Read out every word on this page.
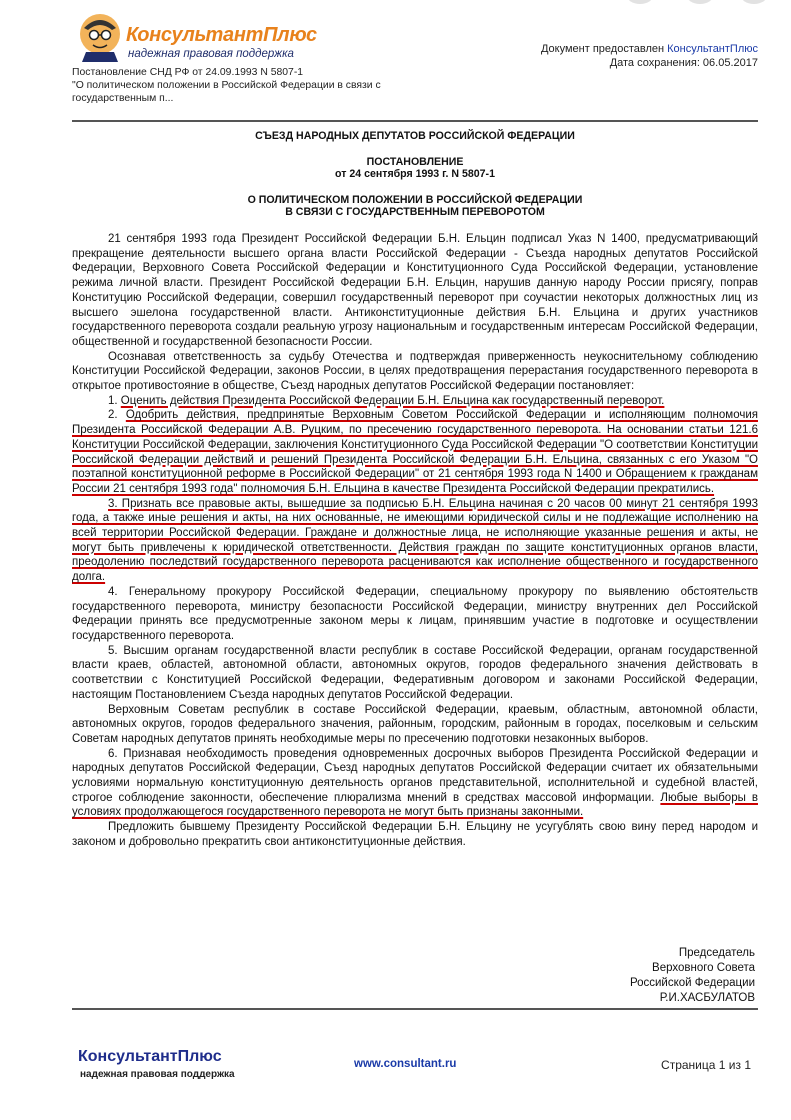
КонсультантПлюс
надежная правовая поддержка
Постановление СНД РФ от 24.09.1993 N 5807-1
"О политическом положении в Российской Федерации в связи с
государственным п...
Документ предоставлен КонсультантПлюс
Дата сохранения: 06.05.2017
СЪЕЗД НАРОДНЫХ ДЕПУТАТОВ РОССИЙСКОЙ ФЕДЕРАЦИИ
ПОСТАНОВЛЕНИЕ
от 24 сентября 1993 г. N 5807-1
О ПОЛИТИЧЕСКОМ ПОЛОЖЕНИИ В РОССИЙСКОЙ ФЕДЕРАЦИИ
В СВЯЗИ С ГОСУДАРСТВЕННЫМ ПЕРЕВОРОТОМ

21 сентября 1993 года Президент Российской Федерации Б.Н. Ельцин подписал Указ N 1400, предусматривающий прекращение деятельности высшего органа власти Российской Федерации - Съезда народных депутатов Российской Федерации, Верховного Совета Российской Федерации и Конституционного Суда Российской Федерации, установление режима личной власти. Президент Российской Федерации Б.Н. Ельцин, нарушив данную народу России присягу, поправ Конституцию Российской Федерации, совершил государственный переворот при соучастии некоторых должностных лиц из высшего эшелона государственной власти. Антиконституционные действия Б.Н. Ельцина и других участников государственного переворота создали реальную угрозу национальным и государственным интересам Российской Федерации, общественной и государственной безопасности России.

Осознавая ответственность за судьбу Отечества и подтверждая приверженность неукоснительному соблюдению Конституции Российской Федерации, законов России, в целях предотвращения перерастания государственного переворота в открытое противостояние в обществе, Съезд народных депутатов Российской Федерации постановляет:

1. Оценить действия Президента Российской Федерации Б.Н. Ельцина как государственный переворот.

2. Одобрить действия, предпринятые Верховным Советом Российской Федерации и исполняющим полномочия Президента Российской Федерации А.В. Руцким, по пресечению государственного переворота. На основании статьи 121.6 Конституции Российской Федерации, заключения Конституционного Суда Российской Федерации "О соответствии Конституции Российской Федерации действий и решений Президента Российской Федерации Б.Н. Ельцина, связанных с его Указом "О поэтапной конституционной реформе в Российской Федерации" от 21 сентября 1993 года N 1400 и Обращением к гражданам России 21 сентября 1993 года" полномочия Б.Н. Ельцина в качестве Президента Российской Федерации прекратились.

3. Признать все правовые акты, вышедшие за подписью Б.Н. Ельцина начиная с 20 часов 00 минут 21 сентября 1993 года, а также иные решения и акты, на них основанные, не имеющими юридической силы и не подлежащие исполнению на всей территории Российской Федерации. Граждане и должностные лица, не исполняющие указанные решения и акты, не могут быть привлечены к юридической ответственности. Действия граждан по защите конституционных органов власти, преодолению последствий государственного переворота расцениваются как исполнение общественного и государственного долга.

4. Генеральному прокурору Российской Федерации, специальному прокурору по выявлению обстоятельств государственного переворота, министру безопасности Российской Федерации, министру внутренних дел Российской Федерации принять все предусмотренные законом меры к лицам, принявшим участие в подготовке и осуществлении государственного переворота.

5. Высшим органам государственной власти республик в составе Российской Федерации, органам государственной власти краев, областей, автономной области, автономных округов, городов федерального значения действовать в соответствии с Конституцией Российской Федерации, Федеративным договором и законами Российской Федерации, настоящим Постановлением Съезда народных депутатов Российской Федерации.

Верховным Советам республик в составе Российской Федерации, краевым, областным, автономной области, автономных округов, городов федерального значения, районным, городским, районным в городах, поселковым и сельским Советам народных депутатов принять необходимые меры по пресечению подготовки незаконных выборов.

6. Признавая необходимость проведения одновременных досрочных выборов Президента Российской Федерации и народных депутатов Российской Федерации, Съезд народных депутатов Российской Федерации считает их обязательными условиями нормальную конституционную деятельность органов представительной, исполнительной и судебной властей, строгое соблюдение законности, обеспечение плюрализма мнений в средствах массовой информации. Любые выборы в условиях продолжающегося государственного переворота не могут быть признаны законными.

Предложить бывшему Президенту Российской Федерации Б.Н. Ельцину не усугублять свою вину перед народом и законом и добровольно прекратить свои антиконституционные действия.

Председатель
Верховного Совета
Российской Федерации
Р.И.ХАСБУЛАТОВ
КонсультантПлюс
надежная правовая поддержка
www.consultant.ru	Страница 1 из 1
